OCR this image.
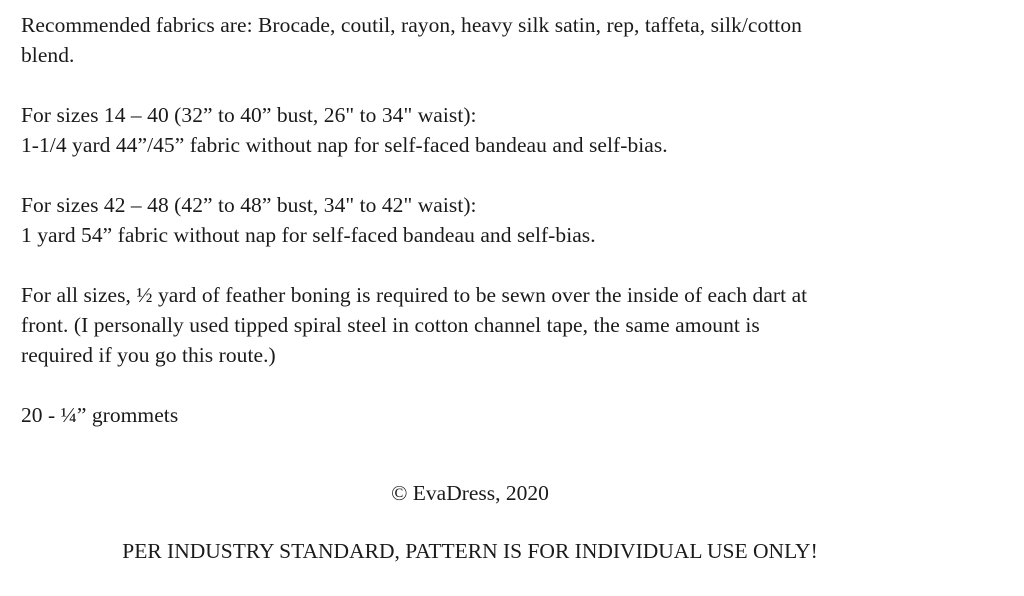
Recommended fabrics are: Brocade, coutil, rayon, heavy silk satin, rep, taffeta, silk/cotton
blend.

For sizes 14 – 40 (32” to 40” bust, 26" to 34" waist):
1-1/4 yard 44”/45” fabric without nap for self-faced bandeau and self-bias.

For sizes 42 – 48 (42” to 48” bust, 34" to 42" waist):
1 yard 54” fabric without nap for self-faced bandeau and self-bias.

For all sizes, ½ yard of feather boning is required to be sewn over the inside of each dart at
front. (I personally used tipped spiral steel in cotton channel tape, the same amount is
required if you go this route.)

20 - ¼” grommets

© EvaDress, 2020
PER INDUSTRY STANDARD, PATTERN IS FOR INDIVIDUAL USE ONLY!
